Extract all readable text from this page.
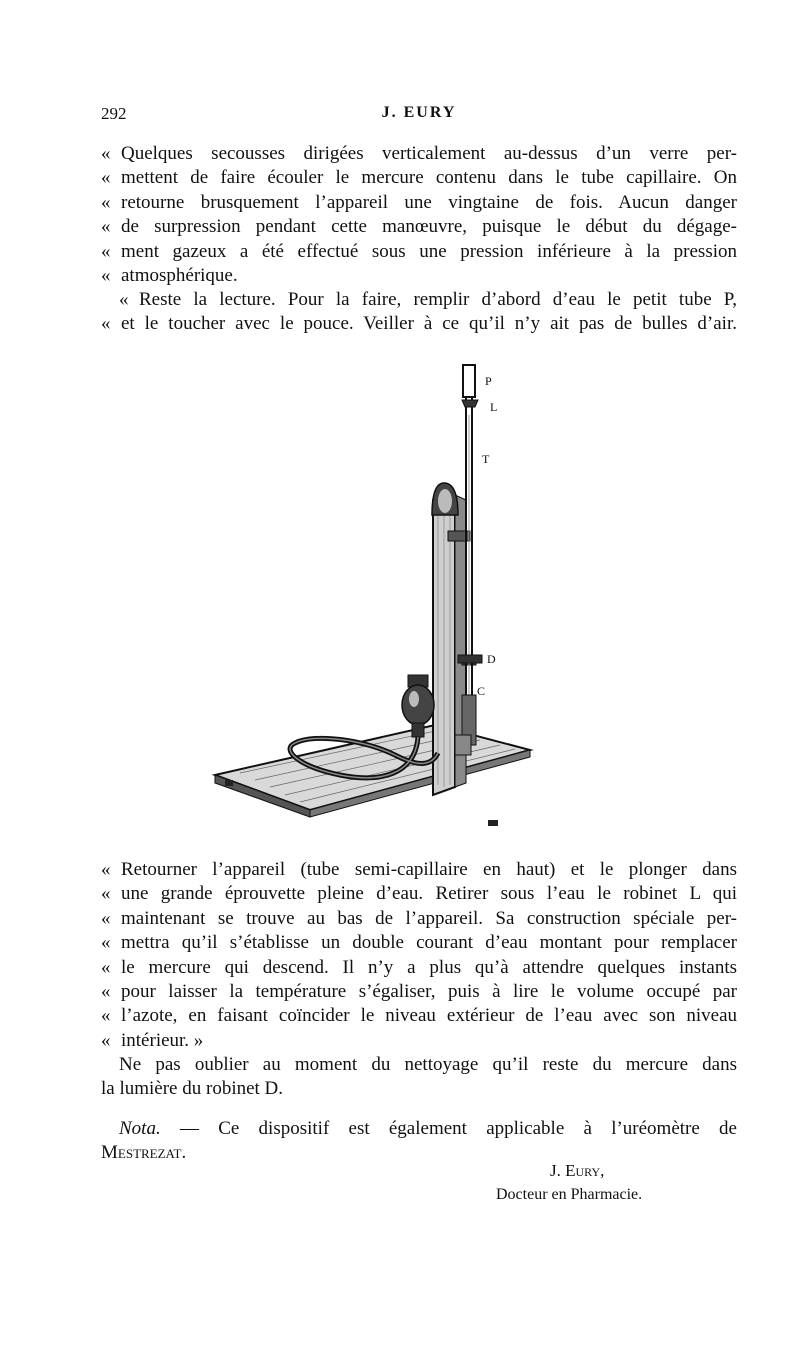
292	J. EURY
« Quelques secousses dirigées verticalement au-dessus d’un verre per-
« mettent de faire écouler le mercure contenu dans le tube capillaire. On
« retourne brusquement l’appareil une vingtaine de fois. Aucun danger
« de surpression pendant cette manœuvre, puisque le début du dégage-
« ment gazeux a été effectué sous une pression inférieure à la pression
« atmosphérique.
« Reste la lecture. Pour la faire, remplir d’abord d’eau le petit tube P,
« et le toucher avec le pouce. Veiller à ce qu’il n’y ait pas de bulles d’air.
P
L
T
D
C
« Retourner l’appareil (tube semi-capillaire en haut) et le plonger dans
« une grande éprouvette pleine d’eau. Retirer sous l’eau le robinet L qui
« maintenant se trouve au bas de l’appareil. Sa construction spéciale per-
« mettra qu’il s’établisse un double courant d’eau montant pour remplacer
« le mercure qui descend. Il n’y a plus qu’à attendre quelques instants
« pour laisser la température s’égaliser, puis à lire le volume occupé par
« l’azote, en faisant coïncider le niveau extérieur de l’eau avec son niveau
« intérieur. »
Ne pas oublier au moment du nettoyage qu’il reste du mercure dans
la lumière du robinet D.
Nota. — Ce dispositif est également applicable à l’uréomètre de
Mestrezat.
J. Eury,
Docteur en Pharmacie.
